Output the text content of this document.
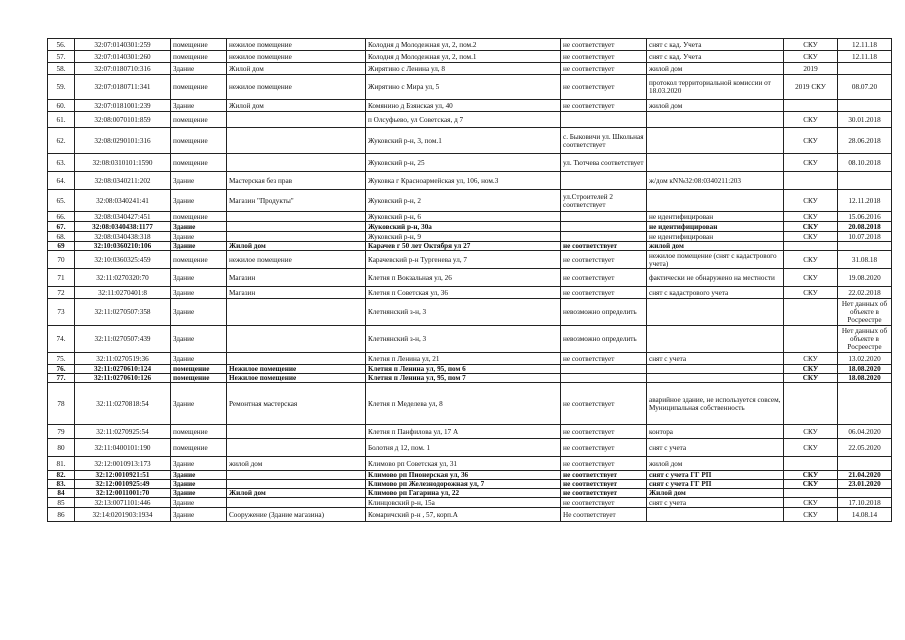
56.	32:07:0140301:259	помещение	нежилое помещение	Колодня д Молодежная ул, 2, пом.2	не соответствует	снят с кад. Учета	СКУ	12.11.18
57.	32:07:0140301:260	помещение	нежилое помещение	Колодня д Молодежная ул, 2, пом.1	не соответствует	снят с кад. Учета	СКУ	12.11.18
58.	32:07:0180710:316	Здание	Жилой дом	Жирятино с Ленина ул, 8	не соответствует	жилой дом	2019	
59.	32:07:0180711:341	помещение	нежилое помещение	Жирятино с Мира ул, 5	не соответствует	протокол территориальной комиссии от 18.03.2020	2019 СКУ	08.07.20
60.	32:07:0181001:239	Здание	Жилой дом	Комянино д Бзянская ул, 40	не соответствует	жилой дом		
61.	32:08:0070101:859	помещение		п Олсуфьево, ул Советская, д 7			СКУ	30.01.2018
62.	32:08:0290101:316	помещение		Жуковский р-н, 3, пом.1	с. Быковичи ул. Школьная соответствует		СКУ	28.06.2018
63.	32:08:0310101:1590	помещение		Жуковский р-н, 25	ул. Тютчева соответствует		СКУ	08.10.2018
64.	32:08:0340211:202	Здание	Мастерская без прав	Жуковка г Красноармейская ул, 106, ном.3		ж/дом кN№32:08:0340211:203		
65.	32:08:0340241:41	Здание	Магазин "Продукты"	Жуковский р-н, 2	ул.Строителей 2 соответствует		СКУ	12.11.2018
66.	32:08:0340427:451	помещение		Жуковский р-н, 6		не идентифицирован	СКУ	15.06.2016
67.	32:08:0340438:1177	Здание		Жуковский р-н, 30а		не идентифицирован	СКУ	20.08.2018
68.	32:08:0340438:318	Здание		Жуковский р-н, 9		не идентифицирован	СКУ	10.07.2018
69	32:10:0360210:106	Здание	Жилой дом	Карачев г 50 лет Октября ул 27	не соответствует	жилой дом		
70	32:10:0360325:459	помещение	нежилое помещение	Карачевский р-н Тургенева ул, 7	не соответствует	нежилое помещение (снят с кадастрового учета)	СКУ	31.08.18
71	32:11:0270320:70	Здание	Магазин	Клетня п Вокзальная ул, 26	не соответствует	фактически не обнаружено на местности	СКУ	19.08.2020
72	32:11:0270401:8	Здание	Магазин	Клетня п Советская ул, 36	не соответствует	снят с кадастрового учета	СКУ	22.02.2018
73	32:11:0270507:358	Здание		Клетнянский з-н, 3	невозможно определить			Нет данных об объекте в Росреестре
74.	32:11:0270507:439	Здание		Клетнянский з-н, 3	невозможно определить			Нет данных об объекте в Росреестре
75.	32:11:0270519:36	Здание		Клетня п Ленина ул, 21	не соответствует	снят с учета	СКУ	13.02.2020
76.	32:11:0270610:124	помещение	Нежилое помещение	Клетня п Ленина ул, 95, пом 6			СКУ	18.08.2020
77.	32:11:0270610:126	помещение	Нежилое помещение	Клетня п Ленина ул, 95, пом 7			СКУ	18.08.2020
78	32:11:0270818:54	Здание	Ремонтная мастерская	Клетня п Меделева ул, 8	не соответствует	аварийное здание, не используется совсем, Муниципальная собственность		
79	32:11:0270925:54	помещение		Клетня п Панфилова ул, 17 А	не соответствует	контора	СКУ	06.04.2020
80	32:11:0400101:190	помещение		Болотня д 12, пом. 1	не соответствует	снят с учета	СКУ	22.05.2020
81.	32:12:0010913:173	Здание	жилой дом	Климово рп Советская ул, 31	не соответствует	жилой дом		
82.	32:12:0010921:51	Здание		Климово рп Пионерская ул, 36	не соответствует	снят с учета ГГ РП	СКУ	21.04.2020
83.	32:12:0010925:49	Здание		Климово рп Железнодорожная ул, 7	не соответствует	снят с учета ГГ РП	СКУ	23.01.2020
84	32:12:0011001:70	Здание	Жилой дом	Климово рп Гагарина ул, 22	не соответствует	Жилой дом		
85	32:13:0071101:446	Здание		Клинцовский р-н, 15а	не соответствует	снят с учета	СКУ	17.10.2018
86	32:14:0201903:1934	Здание	Сооружение (Здание магазина)	Комаричский р-н , 57, корп.А	Не соответствует		СКУ	14.08.14
